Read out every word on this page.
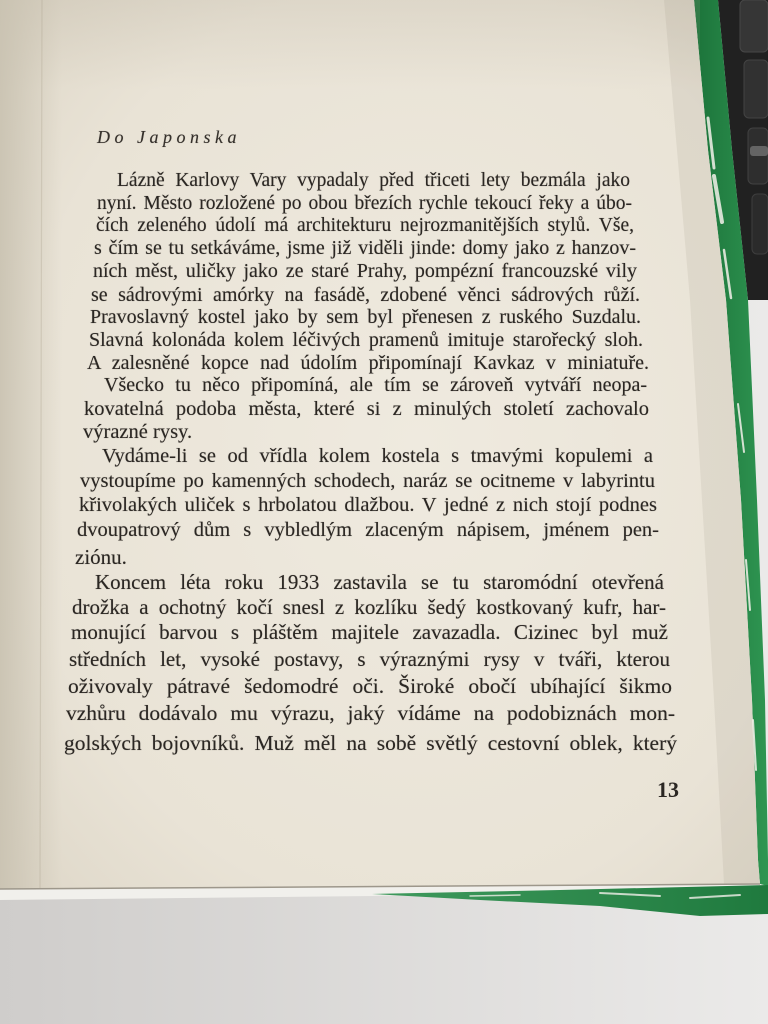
Do Japonska
Lázně Karlovy Vary vypadaly před třiceti lety bezmála jako
nyní. Město rozložené po obou březích rychle tekoucí řeky a úbo-
čích zeleného údolí má architekturu nejrozmanitějších stylů. Vše,
s čím se tu setkáváme, jsme již viděli jinde: domy jako z hanzov-
ních měst, uličky jako ze staré Prahy, pompézní francouzské vily
se sádrovými amórky na fasádě, zdobené věnci sádrových růží.
Pravoslavný kostel jako by sem byl přenesen z ruského Suzdalu.
Slavná kolonáda kolem léčivých pramenů imituje starořecký sloh.
A zalesněné kopce nad údolím připomínají Kavkaz v miniatuře.
Všecko tu něco připomíná, ale tím se zároveň vytváří neopa-
kovatelná podoba města, které si z minulých století zachovalo
výrazné rysy.
Vydáme-li se od vřídla kolem kostela s tmavými kopulemi a
vystoupíme po kamenných schodech, naráz se ocitneme v labyrintu
křivolakých uliček s hrbolatou dlažbou. V jedné z nich stojí podnes
dvoupatrový dům s vybledlým zlaceným nápisem, jménem pen-
ziónu.
Koncem léta roku 1933 zastavila se tu staromódní otevřená
drožka a ochotný kočí snesl z kozlíku šedý kostkovaný kufr, har-
monující barvou s pláštěm majitele zavazadla. Cizinec byl muž
středních let, vysoké postavy, s výraznými rysy v tváři, kterou
oživovaly pátravé šedomodré oči. Široké obočí ubíhající šikmo
vzhůru dodávalo mu výrazu, jaký vídáme na podobiznách mon-
golských bojovníků. Muž měl na sobě světlý cestovní oblek, který
13
